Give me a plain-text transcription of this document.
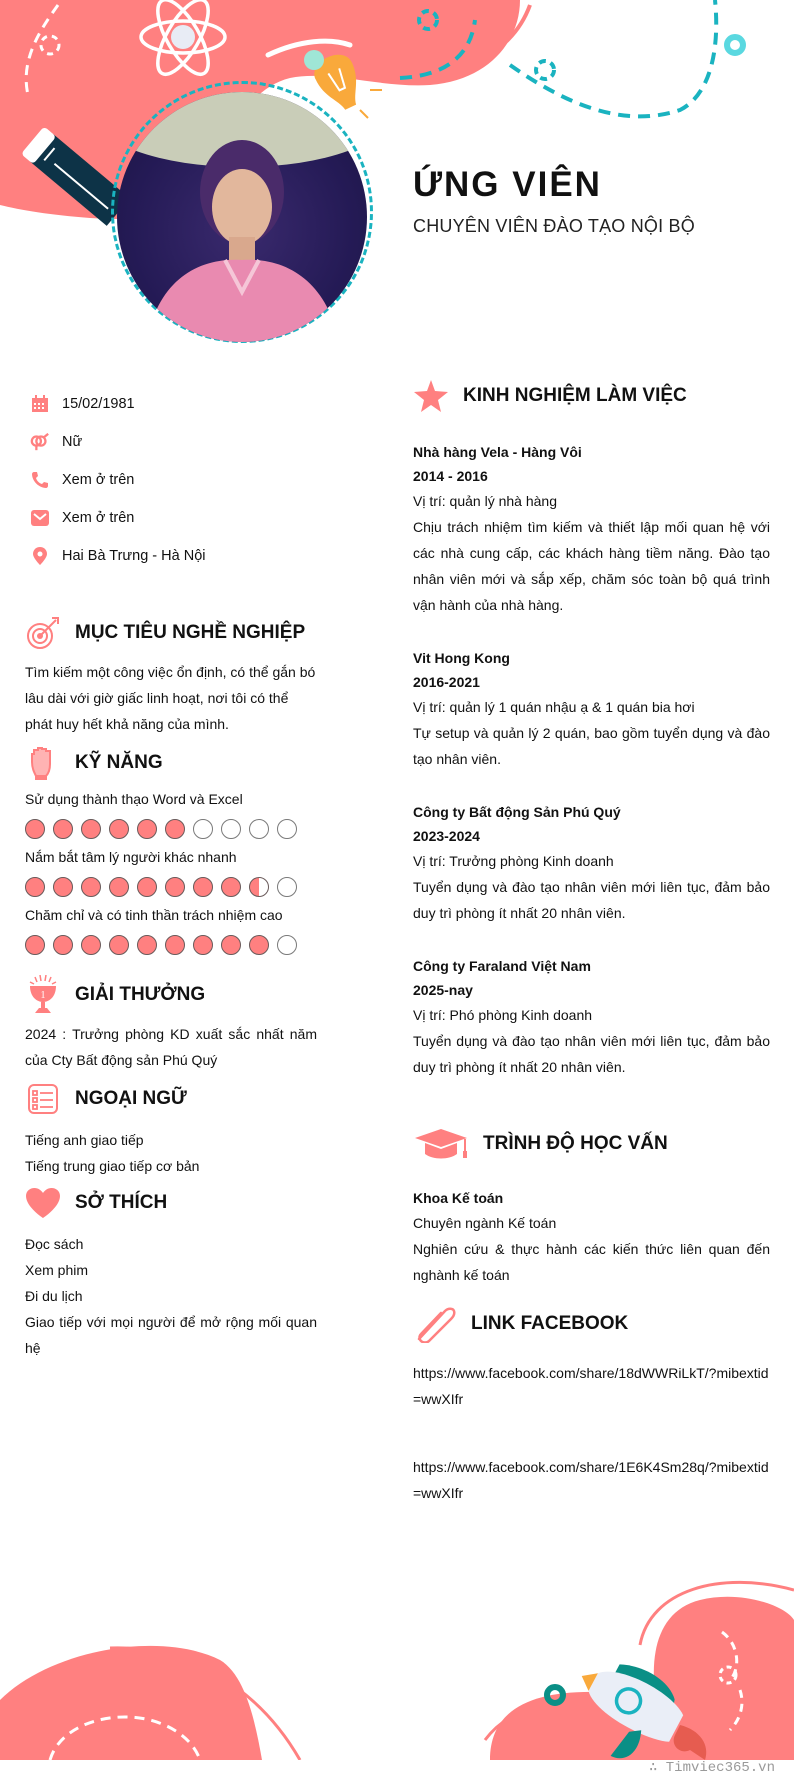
ỨNG VIÊN
CHUYÊN VIÊN ĐÀO TẠO NỘI BỘ
15/02/1981
Nữ
Xem ở trên
Xem ở trên
Hai Bà Trưng - Hà Nội
MỤC TIÊU NGHỀ NGHIỆP
Tìm kiếm một công việc ổn định, có thể gắn bó lâu dài với giờ giấc linh hoạt, nơi tôi có thể phát huy hết khả năng của mình.
KỸ NĂNG
Sử dụng thành thạo Word và Excel
Nắm bắt tâm lý người khác nhanh
Chăm chỉ và có tinh thần trách nhiệm cao
1 GIẢI THƯỞNG
2024 : Trưởng phòng KD xuất sắc nhất năm của Cty Bất động sản Phú Quý
NGOẠI NGỮ
Tiếng anh giao tiếp
Tiếng trung giao tiếp cơ bản
SỞ THÍCH
Đọc sách
Xem phim
Đi du lịch
Giao tiếp với mọi người để mở rộng mối quan hệ
KINH NGHIỆM LÀM VIỆC
Nhà hàng Vela - Hàng Vôi
2014 - 2016
Vị trí: quản lý nhà hàng
Chịu trách nhiệm tìm kiếm và thiết lập mối quan hệ với các nhà cung cấp, các khách hàng tiềm năng. Đào tạo nhân viên mới và sắp xếp, chăm sóc toàn bộ quá trình vận hành của nhà hàng.
Vit Hong Kong
2016-2021
Vị trí: quản lý 1 quán nhậu ạ & 1 quán bia hơi
Tự setup và quản lý 2 quán, bao gồm tuyển dụng và đào tạo nhân viên.
Công ty Bất động Sản Phú Quý
2023-2024
Vị trí: Trưởng phòng Kinh doanh
Tuyển dụng và đào tạo nhân viên mới liên tục, đảm bảo duy trì phòng ít nhất 20 nhân viên.
Công ty Faraland Việt Nam
2025-nay
Vị trí: Phó phòng Kinh doanh
Tuyển dụng và đào tạo nhân viên mới liên tục, đảm bảo duy trì phòng ít nhất 20 nhân viên.
TRÌNH ĐỘ HỌC VẤN
Khoa Kế toán
Chuyên ngành Kế toán
Nghiên cứu & thực hành các kiến thức liên quan đến nghành kế toán
LINK FACEBOOK
https://www.facebook.com/share/18dWWRiLkT/?mibextid=wwXIfr
https://www.facebook.com/share/1E6K4Sm28q/?mibextid=wwXIfr
∴ Timviec365.vn
